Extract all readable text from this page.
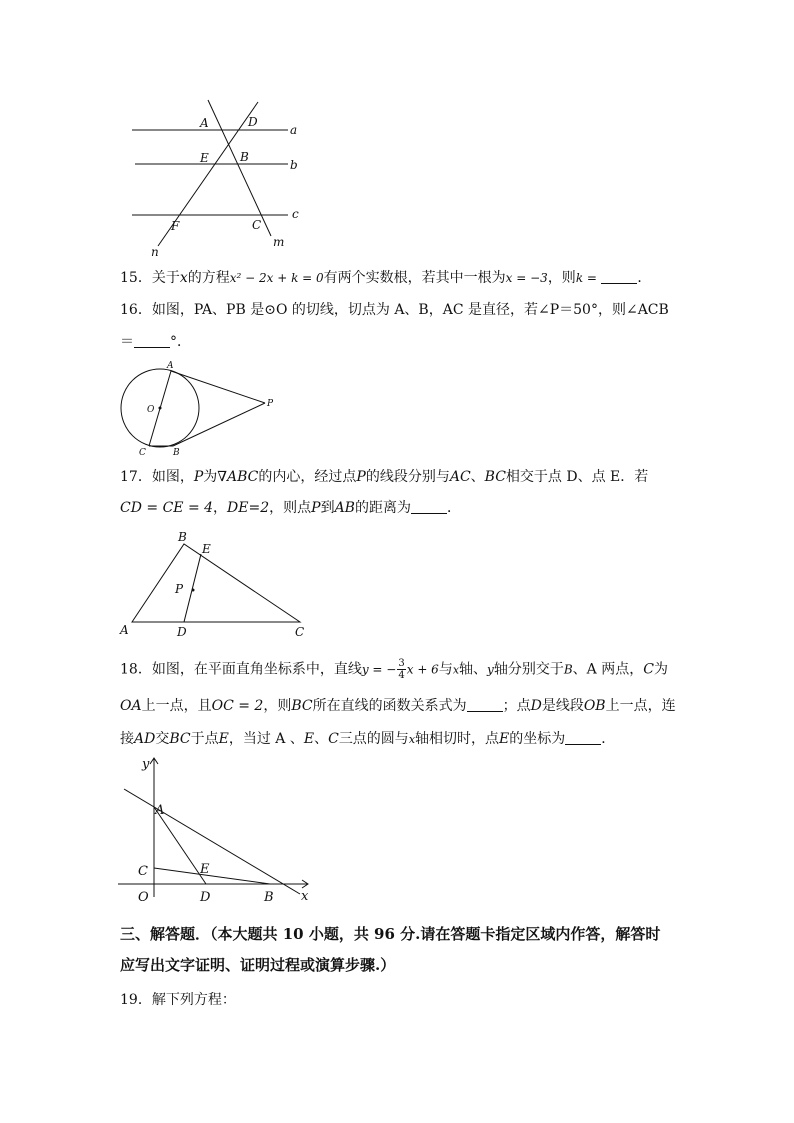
A	D
a
E	B
b
F	C
c
n
m
15．关于x的方程x² − 2x + k = 0有两个实数根，若其中一根为x = −3，则k =	．
16．如图，PA、PB 是⊙O 的切线，切点为 A、B，AC 是直径，若∠P＝50°，则∠ACB
＝	°．
A
O
P
C	B
17．如图，P为∇ABC的内心，经过点P的线段分别与AC、BC相交于点 D、点 E．若
CD = CE = 4，DE=2，则点P到AB的距离为	．
B
E
P
A	D	C
18．如图，在平面直角坐标系中，直线y = − $\frac{3}{4}$ x + 6与x轴、y轴分别交于B、A 两点，C为
OA上一点，且OC = 2，则BC所在直线的函数关系式为	；点D是线段OB上一点，连
接AD交BC于点E，当过 A 、E、C三点的圆与x轴相切时，点E的坐标为	．
y
A
C	E
O	D	B x
三、解答题．（本大题共 10 小题，共 96 分.请在答题卡指定区域内作答，解答时
应写出文字证明、证明过程或演算步骤.）
19．解下列方程：
